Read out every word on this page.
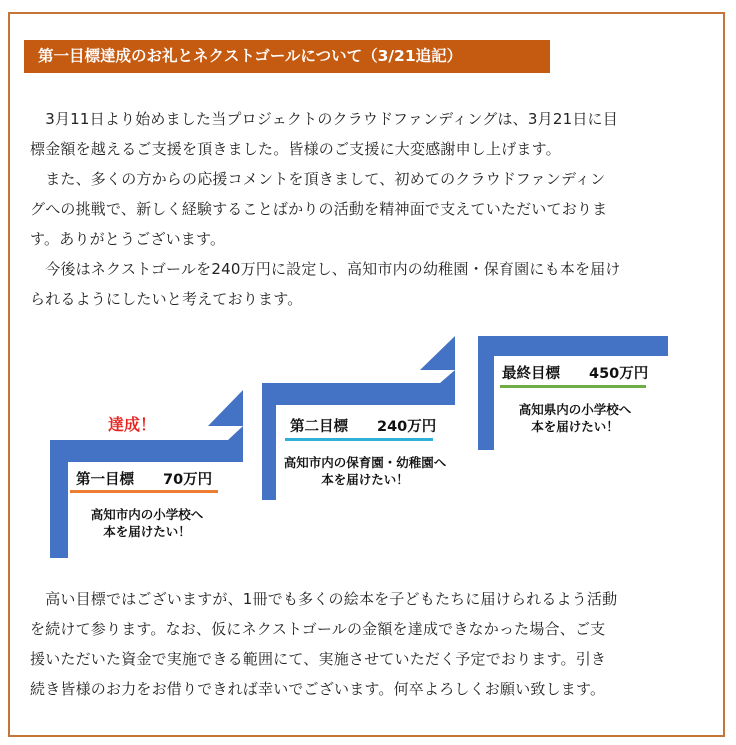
第一目標達成のお礼とネクストゴールについて（3/21追記）
　3月11日より始めました当プロジェクトのクラウドファンディングは、3月21日に目
標金額を越えるご支援を頂きました。皆様のご支援に大変感謝申し上げます。
　また、多くの方からの応援コメントを頂きまして、初めてのクラウドファンディン
グへの挑戦で、新しく経験することばかりの活動を精神面で支えていただいておりま
す。ありがとうございます。
　今後はネクストゴールを240万円に設定し、高知市内の幼稚園・保育園にも本を届け
られるようにしたいと考えております。
達成！
第一目標　　70万円
高知市内の小学校へ
本を届けたい！
第二目標　　240万円
高知市内の保育園・幼稚園へ
本を届けたい！
最終目標　　450万円
高知県内の小学校へ
本を届けたい！
　高い目標ではございますが、1冊でも多くの絵本を子どもたちに届けられるよう活動
を続けて参ります。なお、仮にネクストゴールの金額を達成できなかった場合、ご支
援いただいた資金で実施できる範囲にて、実施させていただく予定でおります。引き
続き皆様のお力をお借りできれば幸いでございます。何卒よろしくお願い致します。
